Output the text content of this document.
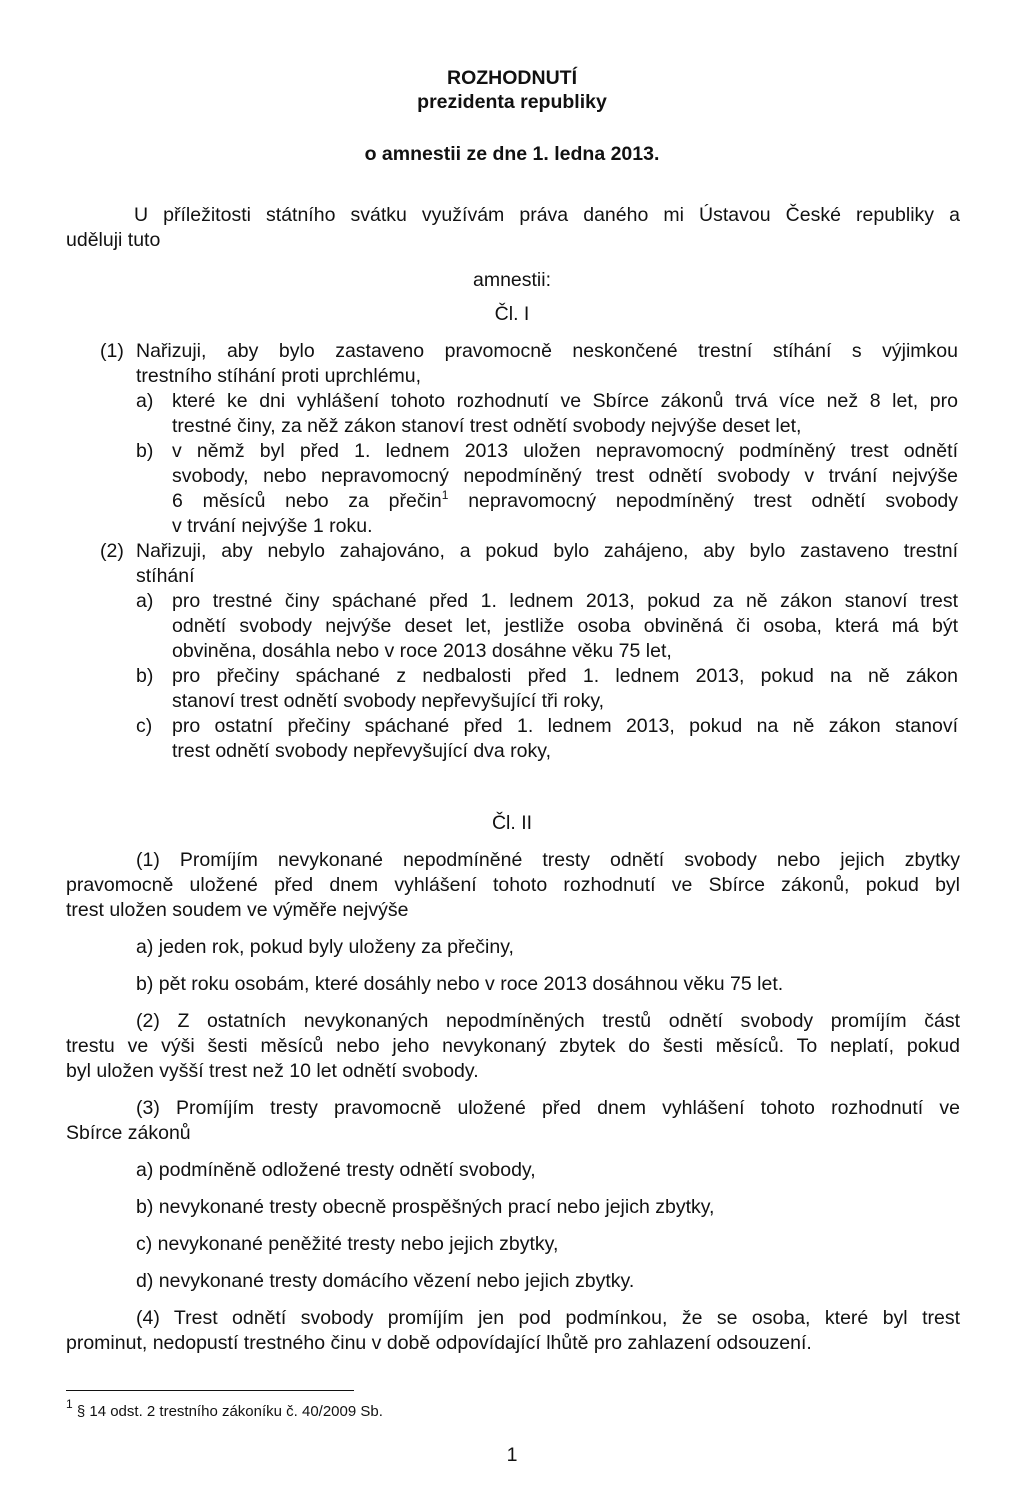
ROZHODNUTÍ
prezidenta republiky
o amnestii ze dne 1. ledna 2013.
U příležitosti státního svátku využívám práva daného mi Ústavou České republiky a
uděluji tuto
amnestii:
Čl. I
(1) Nařizuji, aby bylo zastaveno pravomocně neskončené trestní stíhání s výjimkou
trestního stíhání proti uprchlému,
a) které ke dni vyhlášení tohoto rozhodnutí ve Sbírce zákonů trvá více než 8 let, pro
trestné činy, za něž zákon stanoví trest odnětí svobody nejvýše deset let,
b) v němž byl před 1. lednem 2013 uložen nepravomocný podmíněný trest odnětí
svobody, nebo nepravomocný nepodmíněný trest odnětí svobody v trvání nejvýše
6 měsíců nebo za přečin$^1$ nepravomocný nepodmíněný trest odnětí svobody
v trvání nejvýše 1 roku.
(2) Nařizuji, aby nebylo zahajováno, a pokud bylo zahájeno, aby bylo zastaveno trestní
stíhání
a) pro trestné činy spáchané před 1. lednem 2013, pokud za ně zákon stanoví trest
odnětí svobody nejvýše deset let, jestliže osoba obviněná či osoba, která má být
obviněna, dosáhla nebo v roce 2013 dosáhne věku 75 let,
b) pro přečiny spáchané z nedbalosti před 1. lednem 2013, pokud na ně zákon
stanoví trest odnětí svobody nepřevyšující tři roky,
c) pro ostatní přečiny spáchané před 1. lednem 2013, pokud na ně zákon stanoví
trest odnětí svobody nepřevyšující dva roky,
Čl. II
(1) Promíjím nevykonané nepodmíněné tresty odnětí svobody nebo jejich zbytky
pravomocně uložené před dnem vyhlášení tohoto rozhodnutí ve Sbírce zákonů, pokud byl
trest uložen soudem ve výměře nejvýše
a) jeden rok, pokud byly uloženy za přečiny,
b) pět roku osobám, které dosáhly nebo v roce 2013 dosáhnou věku 75 let.
(2) Z ostatních nevykonaných nepodmíněných trestů odnětí svobody promíjím část
trestu ve výši šesti měsíců nebo jeho nevykonaný zbytek do šesti měsíců. To neplatí, pokud
byl uložen vyšší trest než 10 let odnětí svobody.
(3) Promíjím tresty pravomocně uložené před dnem vyhlášení tohoto rozhodnutí ve
Sbírce zákonů
a) podmíněně odložené tresty odnětí svobody,
b) nevykonané tresty obecně prospěšných prací nebo jejich zbytky,
c) nevykonané peněžité tresty nebo jejich zbytky,
d) nevykonané tresty domácího vězení nebo jejich zbytky.
(4) Trest odnětí svobody promíjím jen pod podmínkou, že se osoba, které byl trest
prominut, nedopustí trestného činu v době odpovídající lhůtě pro zahlazení odsouzení.
$^1$ § 14 odst. 2 trestního zákoníku č. 40/2009 Sb.
1
